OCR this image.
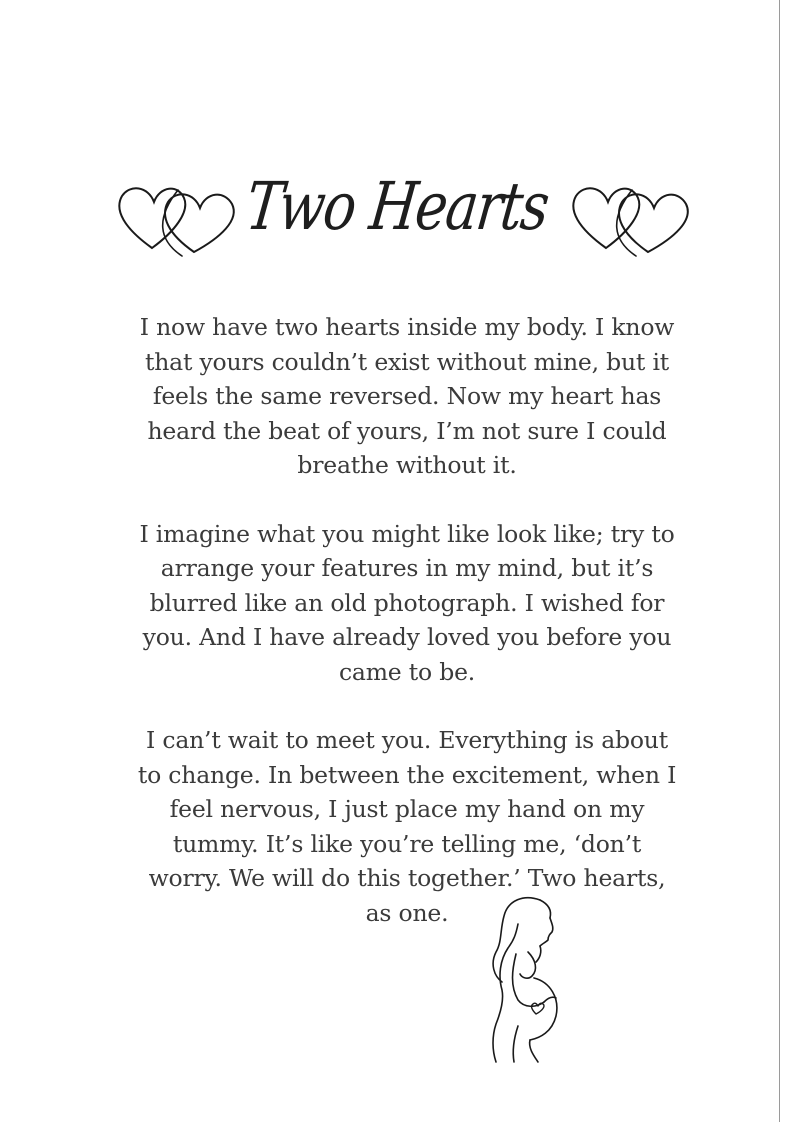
Two Hearts

I now have two hearts inside my body. I know
that yours couldn’t exist without mine, but it
feels the same reversed. Now my heart has
heard the beat of yours, I’m not sure I could
breathe without it.

I imagine what you might like look like; try to
arrange your features in my mind, but it’s
blurred like an old photograph. I wished for
you. And I have already loved you before you
came to be.

I can’t wait to meet you. Everything is about
to change. In between the excitement, when I
feel nervous, I just place my hand on my
tummy. It’s like you’re telling me, ‘don’t
worry. We will do this together.’ Two hearts,
as one.
